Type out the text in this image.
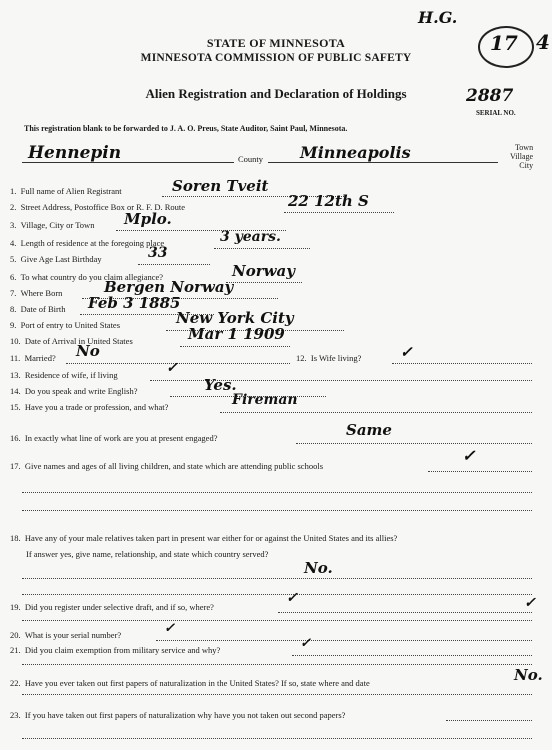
H.G.
17 4
STATE OF MINNESOTA
MINNESOTA COMMISSION OF PUBLIC SAFETY
Alien Registration and Declaration of Holdings	2887
SERIAL NO.
This registration blank to be forwarded to J. A. O. Preus, State Auditor, Saint Paul, Minnesota.
Hennepin	County Minneapolis	Town
Village
City
1. Full name of Alien Registrant	Soren Tveit
2. Street Address, Postoffice Box or R. F. D. Route	22 12th S
3. Village, City or Town Mplo.
4. Length of residence at the foregoing place	3 years.
5. Give Age Last Birthday	33
6. To what country do you claim allegiance?	Norway
7. Where Born	Bergen Norway
8. Date of Birth Feb 3 1885
9. Port of entry to United States	New York City
10. Date of Arrival in United States	Mar 1 1909
11. Married? No	12. Is Wife living?	✓
13. Residence of wife, if living	✓
14. Do you speak and write English?	Yes.
15. Have you a trade or profession, and what?	Fireman
16. In exactly what line of work are you at present engaged?	Same
17. Give names and ages of all living children, and state which are attending public schools
✓
18. Have any of your male relatives taken part in present war either for or against the United States and its allies?
If answer yes, give name, relationship, and state which country served?
No.
19. Did you register under selective draft, and if so, where?
✓	✓
20. What is your serial number?	✓
21. Did you claim exemption from military service and why?	✓
22. Have you ever taken out first papers of naturalization in the United States? If so, state where and date	No.
23. If you have taken out first papers of naturalization why have you not taken out second papers?
